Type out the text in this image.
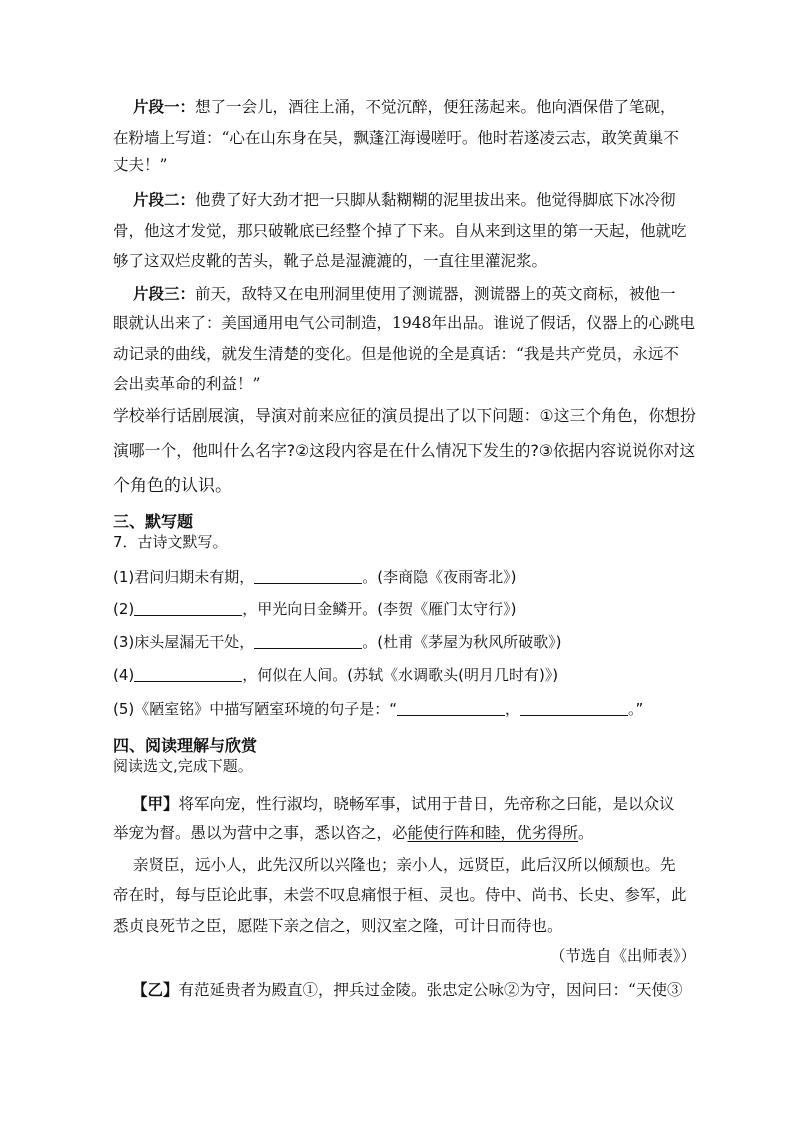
片段一：想了一会儿，酒往上涌，不觉沉醉，便狂荡起来。他向酒保借了笔砚，
在粉墙上写道：“心在山东身在吴，飘蓬江海谩嗟吁。他时若遂凌云志，敢笑黄巢不
丈夫！”
片段二：他费了好大劲才把一只脚从黏糊糊的泥里拔出来。他觉得脚底下冰冷彻
骨，他这才发觉，那只破靴底已经整个掉了下来。自从来到这里的第一天起，他就吃
够了这双烂皮靴的苦头，靴子总是湿漉漉的，一直往里灌泥浆。
片段三：前天，敌特又在电刑洞里使用了测谎器，测谎器上的英文商标，被他一
眼就认出来了：美国通用电气公司制造，1948年出品。谁说了假话，仪器上的心跳电
动记录的曲线，就发生清楚的变化。但是他说的全是真话：“我是共产党员，永远不
会出卖革命的利益！”
学校举行话剧展演，导演对前来应征的演员提出了以下问题：①这三个角色，你想扮
演哪一个，他叫什么名字?②这段内容是在什么情况下发生的?③依据内容说说你对这
个角色的认识。
三、默写题
7．古诗文默写。
(1)君问归期未有期，	。(李商隐《夜雨寄北》)
(2)	，甲光向日金鳞开。(李贺《雁门太守行》)
(3)床头屋漏无干处，	。(杜甫《茅屋为秋风所破歌》)
(4)	，何似在人间。(苏轼《水调歌头(明月几时有)》)
(5)《陋室铭》中描写陋室环境的句子是：“	，	。”
四、阅读理解与欣赏
阅读选文,完成下题。
【甲】将军向宠，性行淑均，晓畅军事，试用于昔日，先帝称之曰能，是以众议
举宠为督。愚以为营中之事，悉以咨之，必能使行阵和睦，优劣得所。
亲贤臣，远小人，此先汉所以兴隆也；亲小人，远贤臣，此后汉所以倾颓也。先
帝在时，每与臣论此事，未尝不叹息痛恨于桓、灵也。侍中、尚书、长史、参军，此
悉贞良死节之臣，愿陛下亲之信之，则汉室之隆，可计日而待也。
（节选自《出师表》）
【乙】有范延贵者为殿直①，押兵过金陵。张忠定公咏②为守，因问曰：“天使③
